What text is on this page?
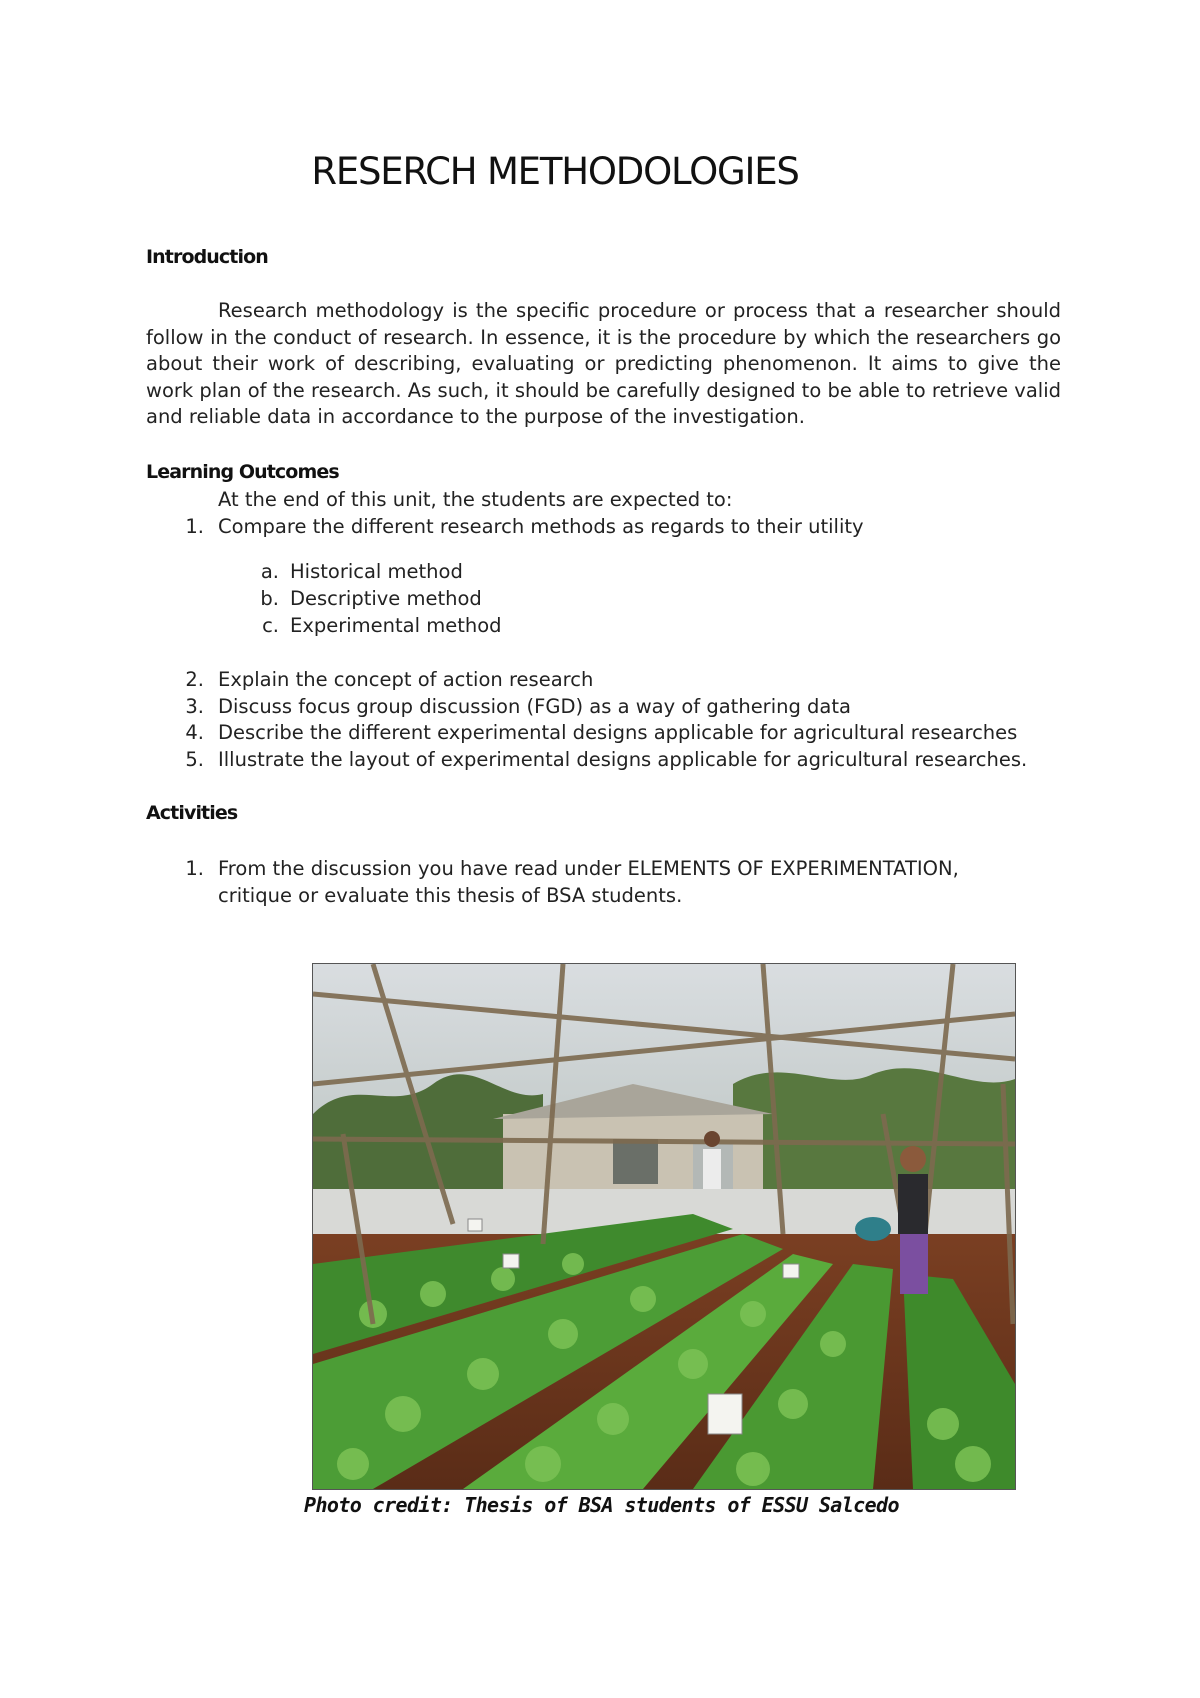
RESERCH METHODOLOGIES
Introduction
Research methodology is the specific procedure or process that a researcher should follow in the conduct of research. In essence, it is the procedure by which the researchers go about their work of describing, evaluating or predicting phenomenon. It aims to give the work plan of the research. As such, it should be carefully designed to be able to retrieve valid and reliable data in accordance to the purpose of the investigation.
Learning Outcomes
At the end of this unit, the students are expected to:
1. Compare the different research methods as regards to their utility
a. Historical method
b. Descriptive method
c. Experimental method
2. Explain the concept of action research
3. Discuss focus group discussion (FGD) as a way of gathering data
4. Describe the different experimental designs applicable for agricultural researches
5. Illustrate the layout of experimental designs applicable for agricultural researches.
Activities
1. From the discussion you have read under ELEMENTS OF EXPERIMENTATION,
critique or evaluate this thesis of BSA students.
Photo credit: Thesis of BSA students of ESSU Salcedo
